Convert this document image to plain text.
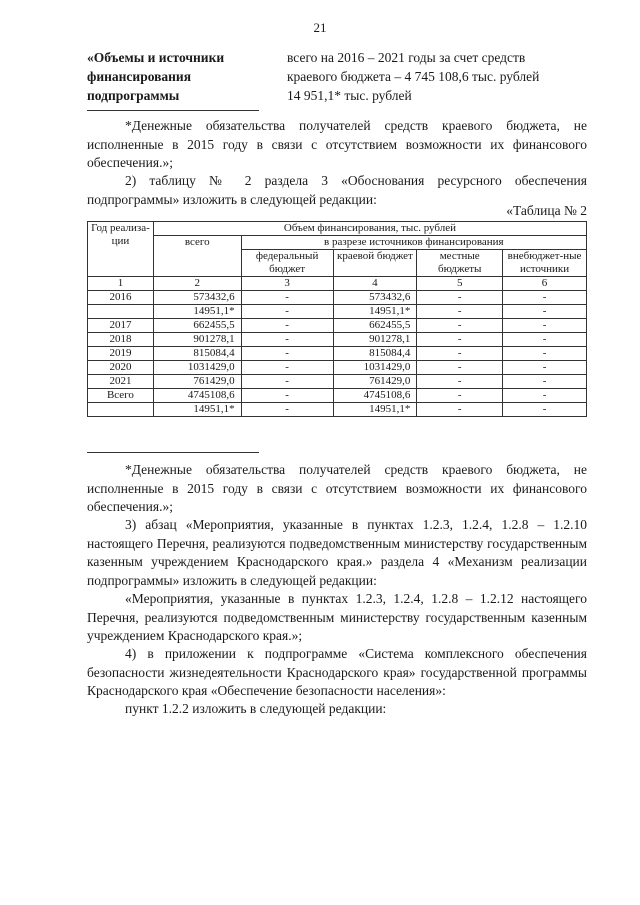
21
«Объемы и источники
финансирования
подпрограммы
всего на 2016 – 2021 годы за счет средств
краевого бюджета – 4 745 108,6 тыс. рублей
14 951,1* тыс. рублей

*Денежные обязательства получателей средств краевого бюджета, не исполненные в 2015 году в связи с отсутствием возможности их финансового обеспечения.»;

2) таблицу № 2 раздела 3 «Обоснования ресурсного обеспечения подпрограммы» изложить в следующей редакции:

«Таблица № 2
Год реализа-ции	Объем финансирования, тыс. рублей				
	всего	в разрезе источников финансирования			
		федеральный бюджет	краевой бюджет	местные бюджеты	внебюджет-ные источники
1	2	3	4	5	6
2016	573432,6	-	573432,6	-	-
	14951,1*	-	14951,1*	-	-
2017	662455,5	-	662455,5	-	-
2018	901278,1	-	901278,1	-	-
2019	815084,4	-	815084,4	-	-
2020	1031429,0	-	1031429,0	-	-
2021	761429,0	-	761429,0	-	-
Всего	4745108,6	-	4745108,6	-	-
	14951,1*	-	14951,1*	-	-

*Денежные обязательства получателей средств краевого бюджета, не исполненные в 2015 году в связи с отсутствием возможности их финансового обеспечения.»;

3) абзац «Мероприятия, указанные в пунктах 1.2.3, 1.2.4, 1.2.8 – 1.2.10 настоящего Перечня, реализуются подведомственным министерству государственным казенным учреждением Краснодарского края.» раздела 4 «Механизм реализации подпрограммы» изложить в следующей редакции:

«Мероприятия, указанные в пунктах 1.2.3, 1.2.4, 1.2.8 – 1.2.12 настоящего Перечня, реализуются подведомственным министерству государственным казенным учреждением Краснодарского края.»;

4) в приложении к подпрограмме «Система комплексного обеспечения безопасности жизнедеятельности Краснодарского края» государственной программы Краснодарского края «Обеспечение безопасности населения»:

пункт 1.2.2 изложить в следующей редакции:
